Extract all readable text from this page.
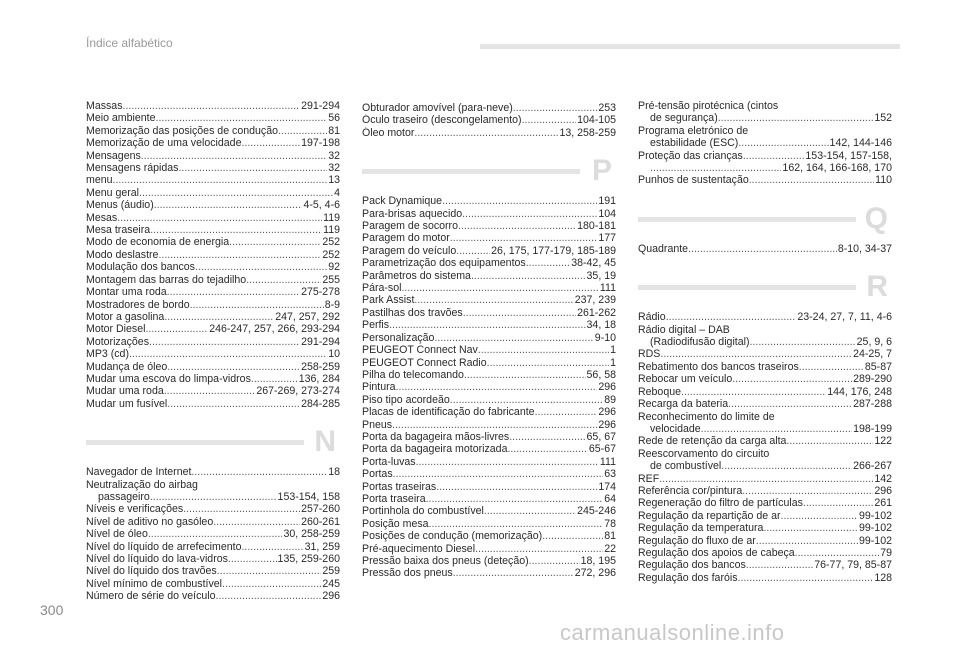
Índice alfabético
Massas .....	291-294
Meio ambiente .....	56
Memorização das posições de condução .....	81
Memorização de uma velocidade .....	197-198
Mensagens .....	32
Mensagens rápidas .....	32
menu .....	13
Menu geral .....	4
Menus (áudio) .....	4-5, 4-6
Mesas .....	119
Mesa traseira .....	119
Modo de economia de energia .....	252
Modo deslastre .....	252
Modulação dos bancos .....	92
Montagem das barras do tejadilho .....	255
Montar uma roda .....	275-278
Mostradores de bordo .....	8-9
Motor a gasolina .....	247, 257, 292
Motor Diesel .....	246-247, 257, 266, 293-294
Motorizações .....	291-294
MP3 (cd) .....	10
Mudança de óleo .....	258-259
Mudar uma escova do limpa-vidros .....	136, 284
Mudar uma roda .....	267-269, 273-274
Mudar um fusível .....	284-285
N
Navegador de Internet .....	18
Neutralização do airbag
passageiro .....	153-154, 158
Níveis e verificações .....	257-260
Nível de aditivo no gasóleo .....	260-261
Nível de óleo .....	30, 258-259
Nível do líquido de arrefecimento .....	31, 259
Nível do líquido do lava-vidros .....	135, 259-260
Nível do líquido dos travões .....	259
Nível mínimo de combustível .....	245
Número de série do veículo .....	296
Obturador amovível (para-neve) .....	253
Óculo traseiro (descongelamento) .....	104-105
Óleo motor .....	13, 258-259
P
Pack Dynamique .....	191
Para-brisas aquecido .....	104
Paragem de socorro .....	180-181
Paragem do motor .....	177
Paragem do veículo .....	26, 175, 177-179, 185-189
Parametrização dos equipamentos .....	38-42, 45
Parâmetros do sistema .....	35, 19
Pára-sol .....	111
Park Assist .....	237, 239
Pastilhas dos travões .....	261-262
Perfis .....	34, 18
Personalização .....	9-10
PEUGEOT Connect Nav .....	1
PEUGEOT Connect Radio .....	1
Pilha do telecomando .....	56, 58
Pintura .....	296
Piso tipo acordeão .....	89
Placas de identificação do fabricante .....	296
Pneus .....	296
Porta da bagageira mãos-livres .....	65, 67
Porta da bagageira motorizada .....	65-67
Porta-luvas .....	111
Portas .....	63
Portas traseiras .....	174
Porta traseira .....	64
Portinhola do combustível .....	245-246
Posição mesa .....	78
Posições de condução (memorização) .....	81
Pré-aquecimento Diesel .....	22
Pressão baixa dos pneus (deteção) .....	18, 195
Pressão dos pneus .....	272, 296
Pré-tensão pirotécnica (cintos
de segurança) .....	152
Programa eletrónico de
estabilidade (ESC) .....	142, 144-146
Proteção das crianças .....	153-154, 157-158,
.....
162, 164, 166-168, 170
Punhos de sustentação .....	110
Q
Quadrante .....	8-10, 34-37
R
Rádio .....	23-24, 27, 7, 11, 4-6
Rádio digital – DAB
(Radiodifusão digital) .....	25, 9, 6
RDS .....	24-25, 7
Rebatimento dos bancos traseiros .....	85-87
Rebocar um veículo .....	289-290
Reboque .....	144, 176, 248
Recarga da bateria .....	287-288
Reconhecimento do limite de
velocidade .....	198-199
Rede de retenção da carga alta .....	122
Reescorvamento do circuito
de combustível .....	266-267
REF .....	142
Referência cor/pintura .....	296
Regeneração do filtro de partículas .....	261
Regulação da repartição de ar .....	99-102
Regulação da temperatura .....	99-102
Regulação do fluxo de ar .....	99-102
Regulação dos apoios de cabeça .....	79
Regulação dos bancos .....	76-77, 79, 85-87
Regulação dos faróis .....	128
300
carmanualsonline.info
